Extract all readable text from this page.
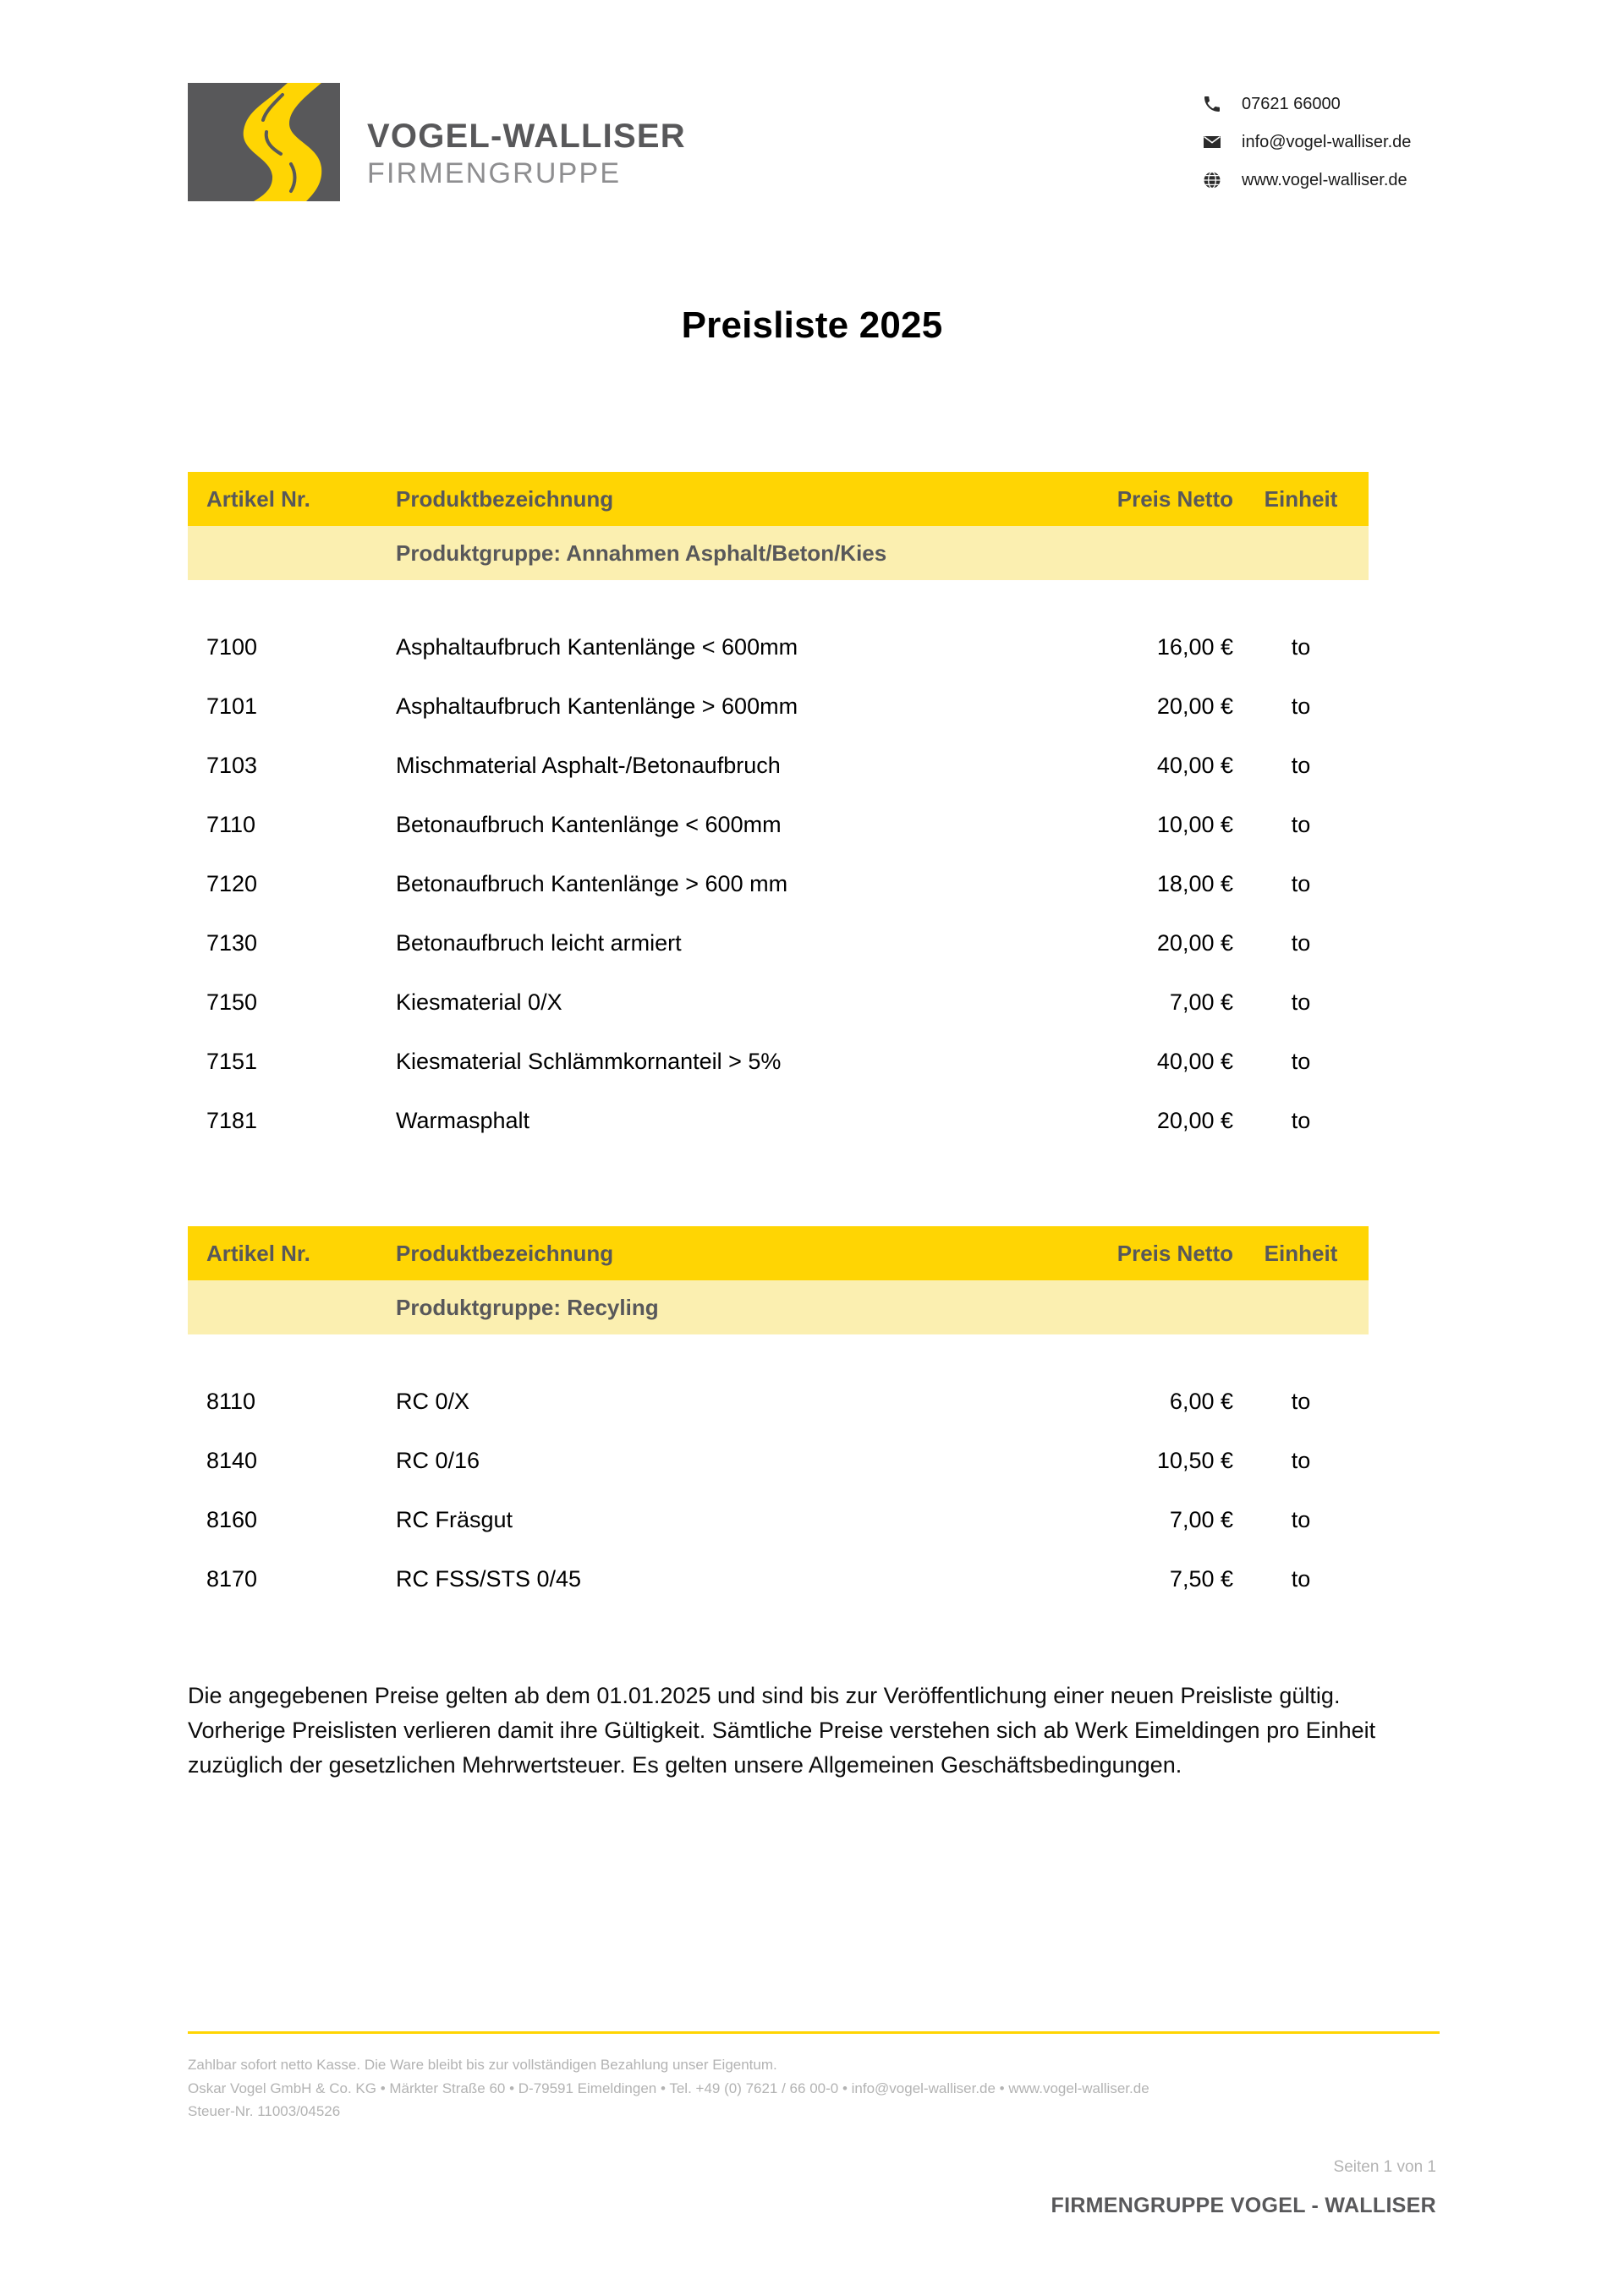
VOGEL-WALLISER
FIRMENGRUPPE
07621 66000
info@vogel-walliser.de
www.vogel-walliser.de
Preisliste 2025
Artikel Nr.	Produktbezeichnung	Preis Netto	Einheit
Produktgruppe: Annahmen Asphalt/Beton/Kies
7100	Asphaltaufbruch Kantenlänge < 600mm	16,00 €	to
7101	Asphaltaufbruch Kantenlänge > 600mm	20,00 €	to
7103	Mischmaterial Asphalt-/Betonaufbruch	40,00 €	to
7110	Betonaufbruch Kantenlänge < 600mm	10,00 €	to
7120	Betonaufbruch Kantenlänge > 600 mm	18,00 €	to
7130	Betonaufbruch leicht armiert	20,00 €	to
7150	Kiesmaterial 0/X	7,00 €	to
7151	Kiesmaterial Schlämmkornanteil > 5%	40,00 €	to
7181	Warmasphalt	20,00 €	to
Artikel Nr.	Produktbezeichnung	Preis Netto	Einheit
Produktgruppe: Recyling
8110	RC 0/X	6,00 €	to
8140	RC 0/16	10,50 €	to
8160	RC Fräsgut	7,00 €	to
8170	RC FSS/STS 0/45	7,50 €	to
Die angegebenen Preise gelten ab dem 01.01.2025 und sind bis zur Veröffentlichung einer neuen Preisliste gültig. Vorherige Preislisten verlieren damit ihre Gültigkeit. Sämtliche Preise verstehen sich ab Werk Eimeldingen pro Einheit zuzüglich der gesetzlichen Mehrwertsteuer. Es gelten unsere Allgemeinen Geschäftsbedingungen.
Zahlbar sofort netto Kasse. Die Ware bleibt bis zur vollständigen Bezahlung unser Eigentum.
Oskar Vogel GmbH & Co. KG • Märkter Straße 60 • D-79591 Eimeldingen • Tel. +49 (0) 7621 / 66 00-0 • info@vogel-walliser.de • www.vogel-walliser.de
Steuer-Nr. 11003/04526
Seiten 1 von 1
FIRMENGRUPPE VOGEL - WALLISER
